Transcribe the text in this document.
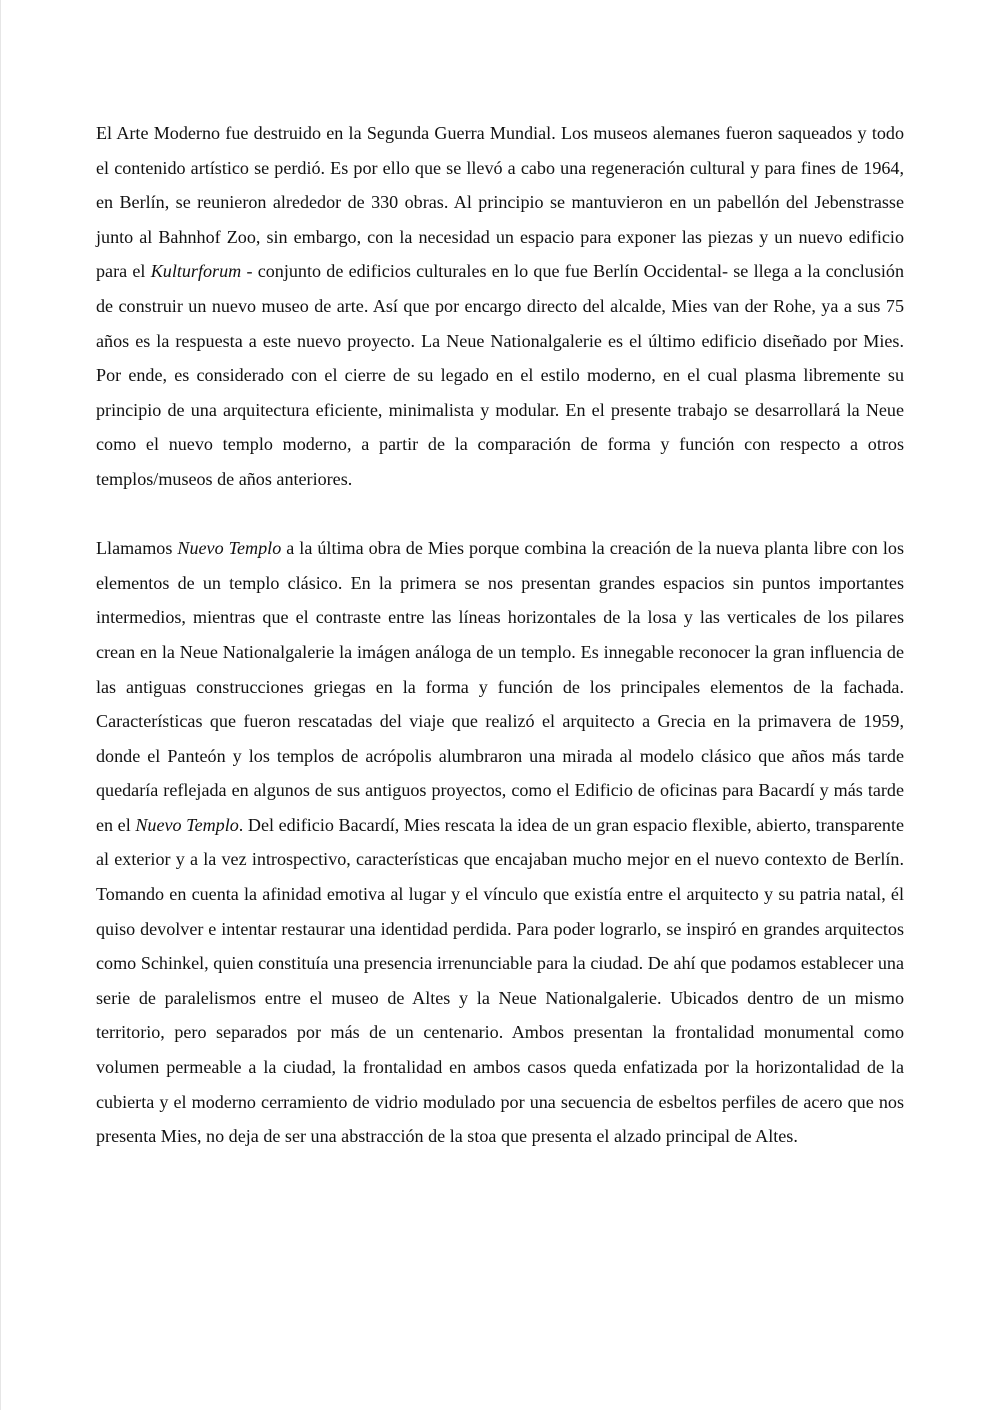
El Arte Moderno fue destruido en la Segunda Guerra Mundial. Los museos alemanes fueron saqueados y todo el contenido artístico se perdió. Es por ello que se llevó a cabo una regeneración cultural y para fines de 1964, en Berlín, se reunieron alrededor de 330 obras. Al principio se mantuvieron en un pabellón del Jebenstrasse junto al Bahnhof Zoo, sin embargo, con la necesidad un espacio para exponer las piezas y un nuevo edificio para el Kulturforum - conjunto de edificios culturales en lo que fue Berlín Occidental- se llega a la conclusión de construir un nuevo museo de arte. Así que por encargo directo del alcalde, Mies van der Rohe, ya a sus 75 años es la respuesta a este nuevo proyecto. La Neue Nationalgalerie es el último edificio diseñado por Mies. Por ende, es considerado con el cierre de su legado en el estilo moderno, en el cual plasma libremente su principio de una arquitectura eficiente, minimalista y modular. En el presente trabajo se desarrollará la Neue como el nuevo templo moderno, a partir de la comparación de forma y función con respecto a otros templos/museos de años anteriores.

Llamamos Nuevo Templo a la última obra de Mies porque combina la creación de la nueva planta libre con los elementos de un templo clásico. En la primera se nos presentan grandes espacios sin puntos importantes intermedios, mientras que el contraste entre las líneas horizontales de la losa y las verticales de los pilares crean en la Neue Nationalgalerie la imágen análoga de un templo. Es innegable reconocer la gran influencia de las antiguas construcciones griegas en la forma y función de los principales elementos de la fachada. Características que fueron rescatadas del viaje que realizó el arquitecto a Grecia en la primavera de 1959, donde el Panteón y los templos de acrópolis alumbraron una mirada al modelo clásico que años más tarde quedaría reflejada en algunos de sus antiguos proyectos, como el Edificio de oficinas para Bacardí y más tarde en el Nuevo Templo. Del edificio Bacardí, Mies rescata la idea de un gran espacio flexible, abierto, transparente al exterior y a la vez introspectivo, características que encajaban mucho mejor en el nuevo contexto de Berlín. Tomando en cuenta la afinidad emotiva al lugar y el vínculo que existía entre el arquitecto y su patria natal, él quiso devolver e intentar restaurar una identidad perdida. Para poder lograrlo, se inspiró en grandes arquitectos como Schinkel, quien constituía una presencia irrenunciable para la ciudad. De ahí que podamos establecer una serie de paralelismos entre el museo de Altes y la Neue Nationalgalerie. Ubicados dentro de un mismo territorio, pero separados por más de un centenario. Ambos presentan la frontalidad monumental como volumen permeable a la ciudad, la frontalidad en ambos casos queda enfatizada por la horizontalidad de la cubierta y el moderno cerramiento de vidrio modulado por una secuencia de esbeltos perfiles de acero que nos presenta Mies, no deja de ser una abstracción de la stoa que presenta el alzado principal de Altes.
